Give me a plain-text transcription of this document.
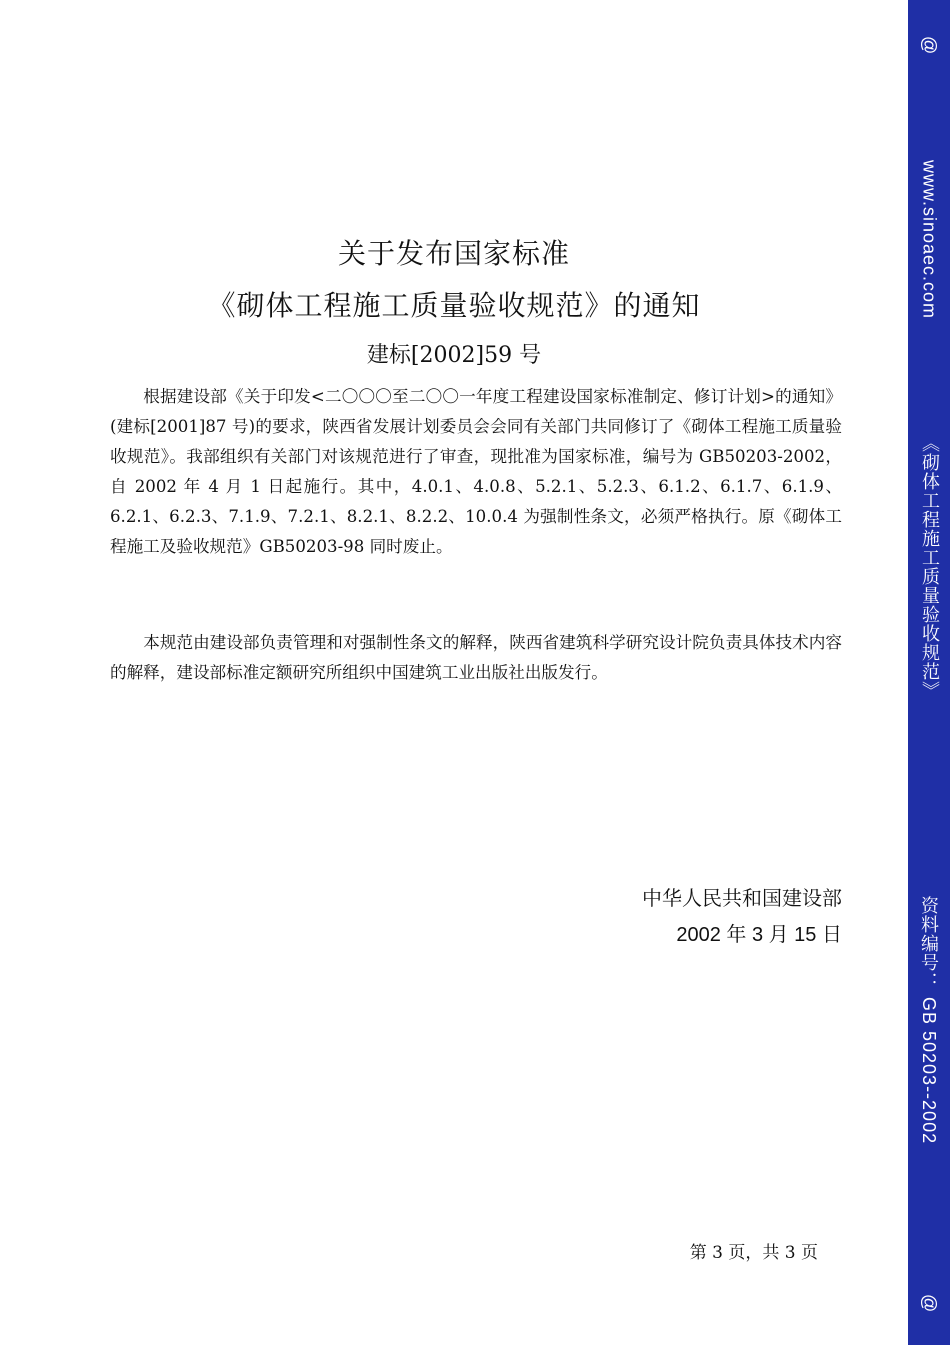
关于发布国家标准
《砌体工程施工质量验收规范》的通知
建标[2002]59 号

根据建设部《关于印发<二〇〇〇至二〇〇一年度工程建设国家标准制定、修订计划>的通知》(建标[2001]87 号)的要求，陕西省发展计划委员会会同有关部门共同修订了《砌体工程施工质量验收规范》。我部组织有关部门对该规范进行了审查，现批准为国家标准，编号为 GB50203-2002，自 2002 年 4 月 1 日起施行。其中，4.0.1、4.0.8、5.2.1、5.2.3、6.1.2、6.1.7、6.1.9、6.2.1、6.2.3、7.1.9、7.2.1、8.2.1、8.2.2、10.0.4 为强制性条文，必须严格执行。原《砌体工程施工及验收规范》GB50203-98 同时废止。

本规范由建设部负责管理和对强制性条文的解释，陕西省建筑科学研究设计院负责具体技术内容的解释，建设部标准定额研究所组织中国建筑工业出版社出版发行。

中华人民共和国建设部
2002 年 3 月 15 日
第 3 页，共 3 页
@
www.sinoaec.com
《砌体工程施工质量验收规范》
资料编号： GB 50203--2002
@
